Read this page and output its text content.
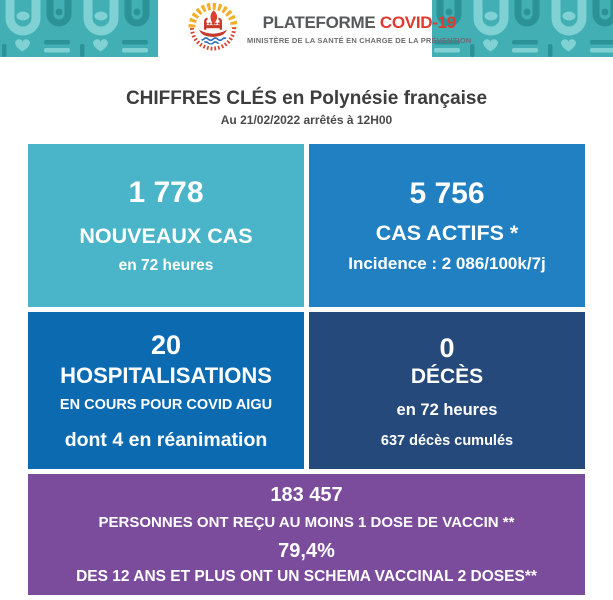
PLATEFORME COVID-19
MINISTÈRE DE LA SANTÉ EN CHARGE DE LA PRÉVENTION
CHIFFRES CLÉS en Polynésie française
Au 21/02/2022 arrêtés à 12H00
1 778
NOUVEAUX CAS
en 72 heures
5 756
CAS ACTIFS *
Incidence : 2 086/100k/7j
20
HOSPITALISATIONS
EN COURS POUR COVID AIGU
dont 4 en réanimation
0
DÉCÈS
en 72 heures
637 décès cumulés
183 457
PERSONNES ONT REÇU AU MOINS 1 DOSE DE VACCIN **
79,4%
DES 12 ANS ET PLUS ONT UN SCHEMA VACCINAL 2 DOSES**
